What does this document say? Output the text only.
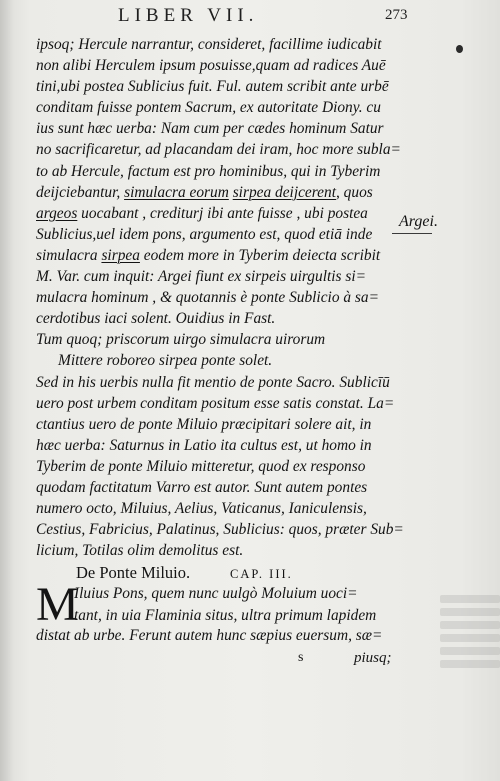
LIBER VII.	273
Argei.
ipsoq; Hercule narrantur, consideret, facillime iudicabit
non alibi Herculem ipsum posuisse,quam ad radices Auē
tini,ubi postea Sublicius fuit. Ful. autem scribit ante urbē
conditam fuisse pontem Sacrum, ex autoritate Diony. cu
ius sunt hæc uerba: Nam cum per cædes hominum Satur
no sacrificaretur, ad placandam dei iram, hoc more subla=
to ab Hercule, factum est pro hominibus, qui in Tyberim
deijciebantur, simulacra eorum sirpea deijcerent, quos
argeos uocabant , crediturj ibi ante fuisse , ubi postea
Sublicius,uel idem pons, argumento est, quod etiā inde
simulacra sirpea eodem more in Tyberim deiecta scribit
M. Var. cum inquit: Argei fiunt ex sirpeis uirgultis si=
mulacra hominum , & quotannis è ponte Sublicio à sa=
cerdotibus iaci solent. Ouidius in Fast.
Tum quoq; priscorum uirgo simulacra uirorum
Mittere roboreo sirpea ponte solet.
Sed in his uerbis nulla fit mentio de ponte Sacro. Sublicīū
uero post urbem conditam positum esse satis constat. La=
ctantius uero de ponte Miluio præcipitari solere ait, in
hæc uerba: Saturnus in Latio ita cultus est, ut homo in
Tyberim de ponte Miluio mitteretur, quod ex responso
quodam factitatum Varro est autor. Sunt autem pontes
numero octo, Miluius, Aelius, Vaticanus, Ianiculensis,
Cestius, Fabricius, Palatinus, Sublicius: quos, præter Sub=
licium, Totilas olim demolitus est.
De Ponte Miluio.	CAP. III.
M
Iluius Pons, quem nunc uulgò Moluium uoci=
tant, in uia Flaminia situs, ultra primum lapidem
distat ab urbe. Ferunt autem hunc sæpius euersum, sæ=
s	piusq;
